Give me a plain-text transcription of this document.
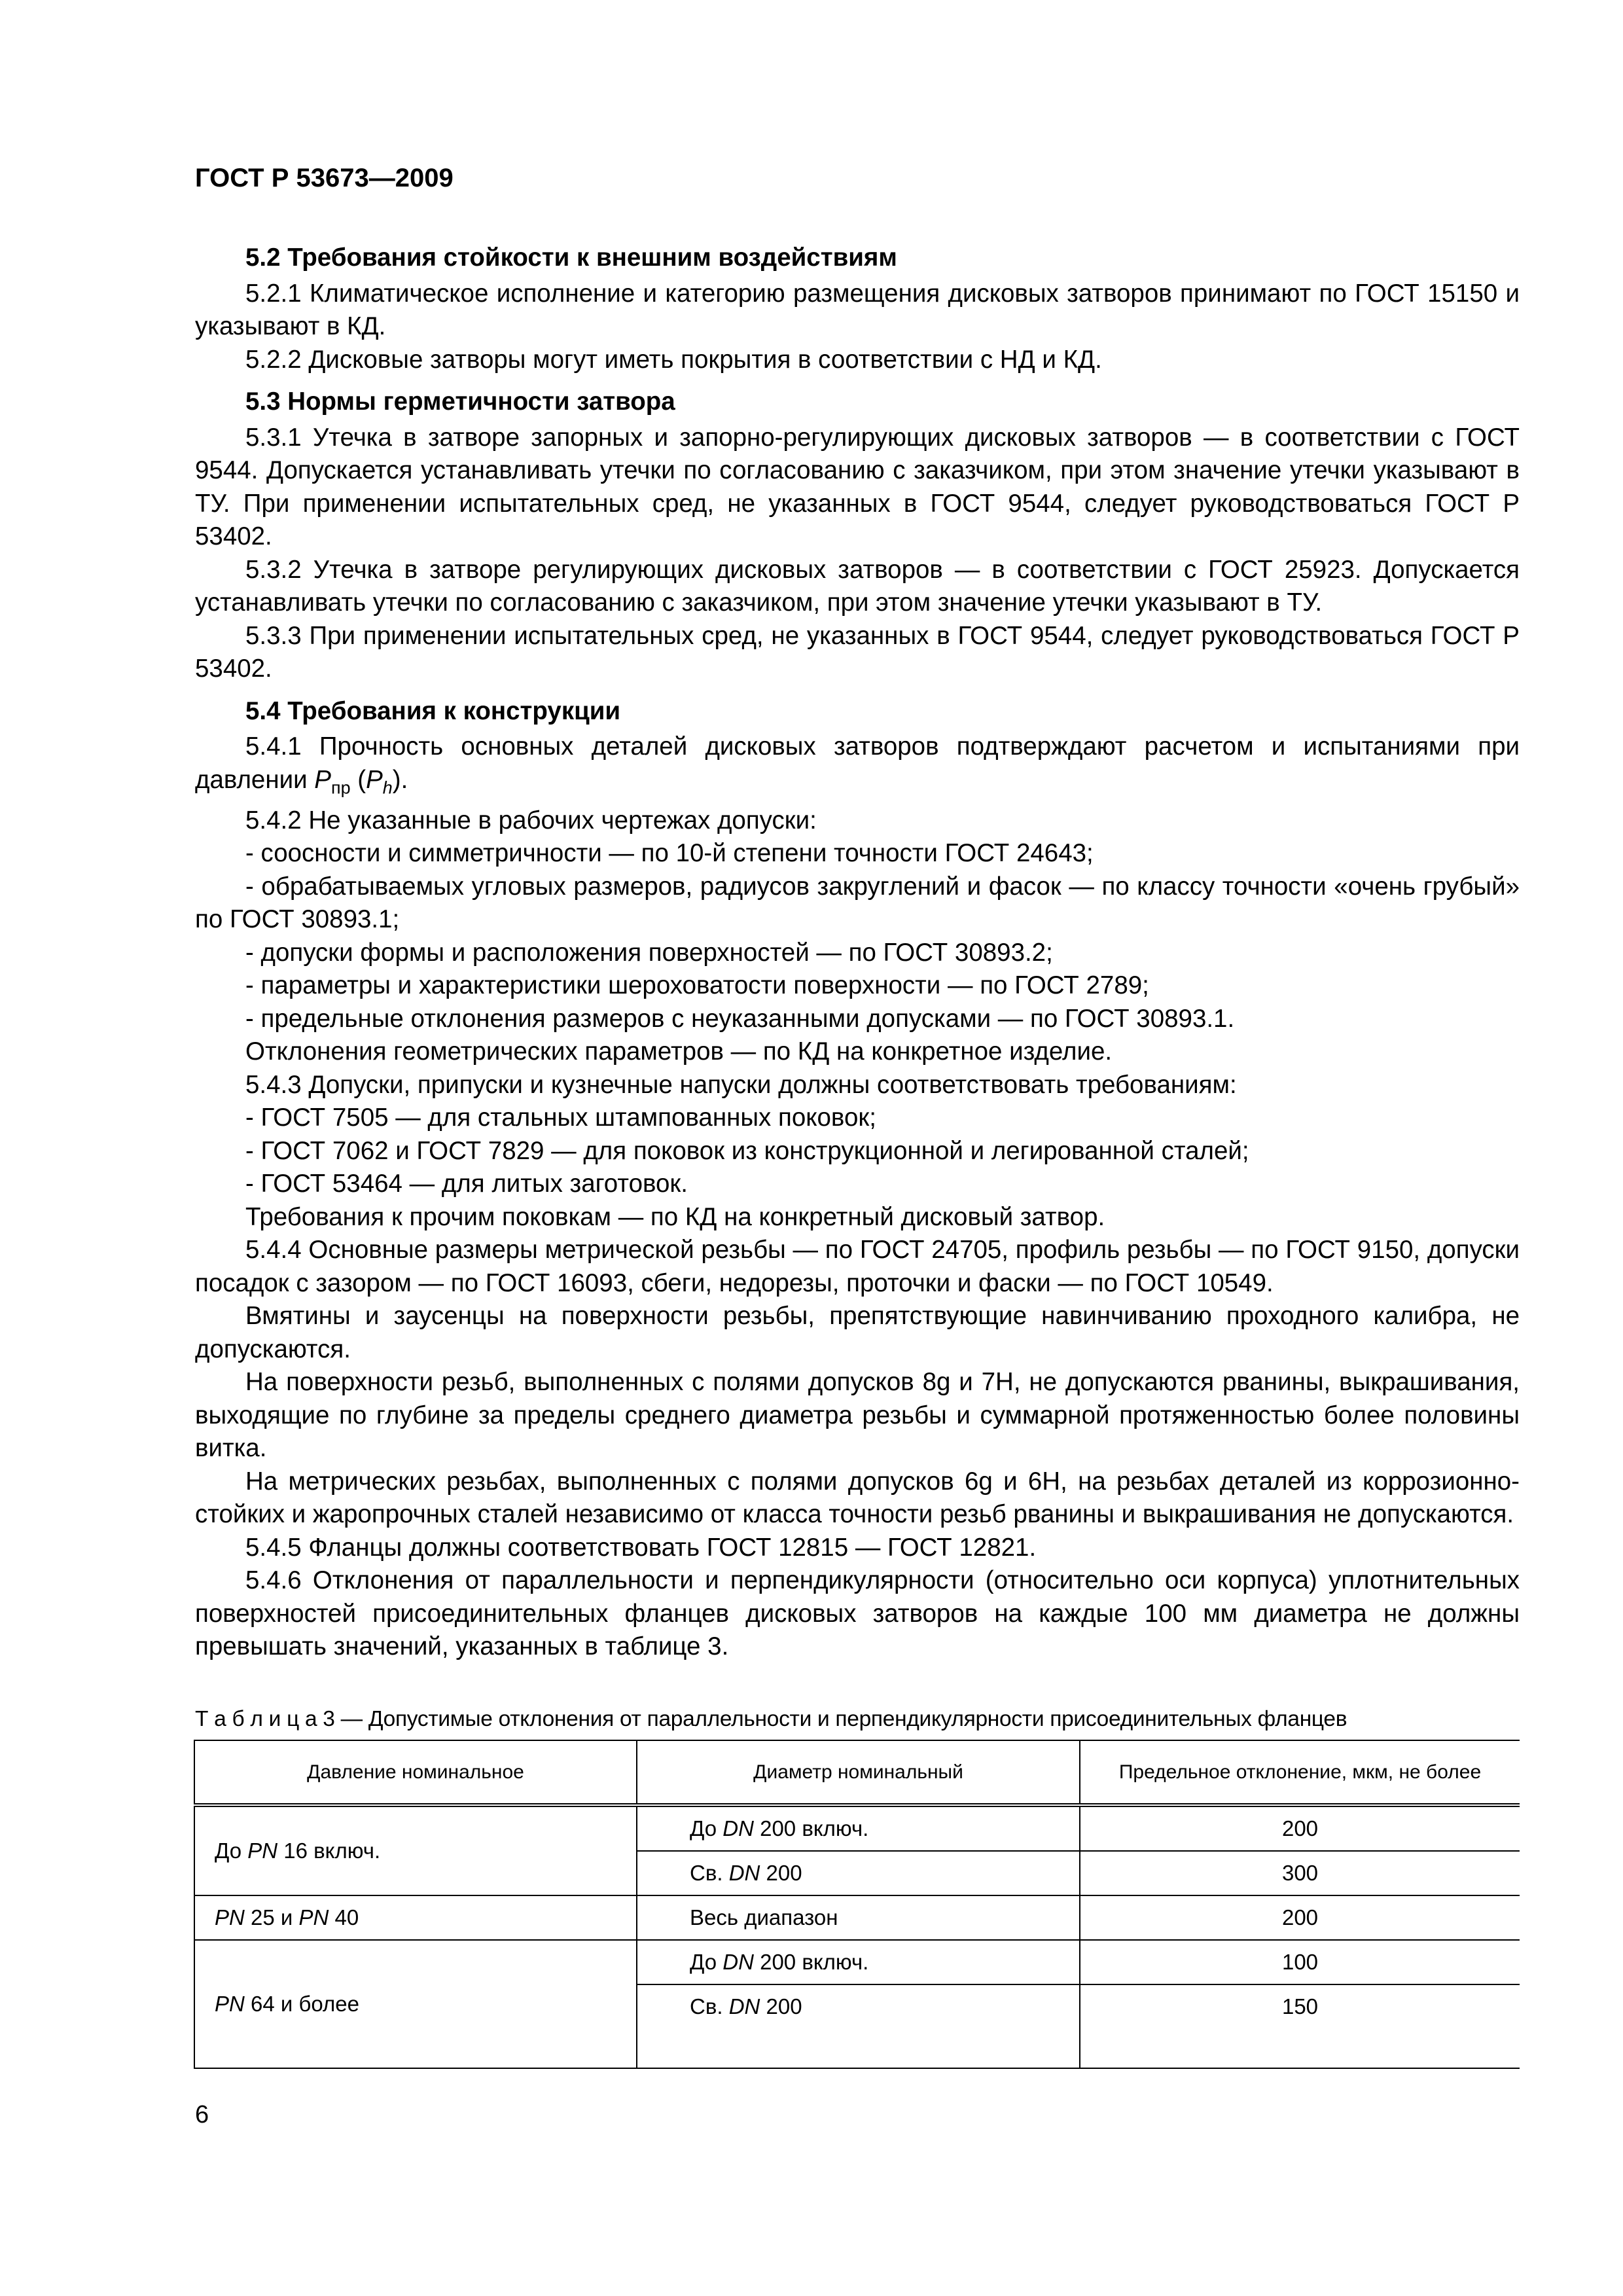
ГОСТ Р 53673—2009
5.2 Требования стойкости к внешним воздействиям

5.2.1 Климатическое исполнение и категорию размещения дисковых затворов принимают по ГОСТ 15150 и указывают в КД.

5.2.2 Дисковые затворы могут иметь покрытия в соответствии с НД и КД.

5.3 Нормы герметичности затвора

5.3.1 Утечка в затворе запорных и запорно-регулирующих дисковых затворов — в соответствии с ГОСТ 9544. Допускается устанавливать утечки по согласованию с заказчиком, при этом значение утечки указывают в ТУ. При применении испытательных сред, не указанных в ГОСТ 9544, следует руководствоваться ГОСТ Р 53402.

5.3.2 Утечка в затворе регулирующих дисковых затворов — в соответствии с ГОСТ 25923. Допускается устанавливать утечки по согласованию с заказчиком, при этом значение утечки указывают в ТУ.

5.3.3 При применении испытательных сред, не указанных в ГОСТ 9544, следует руководствоваться ГОСТ Р 53402.

5.4 Требования к конструкции

5.4.1 Прочность основных деталей дисковых затворов подтверждают расчетом и испытаниями при давлении $P_{пр}$ $(P_h)$.

5.4.2 Не указанные в рабочих чертежах допуски:

- соосности и симметричности — по 10-й степени точности ГОСТ 24643;

- обрабатываемых угловых размеров, радиусов закруглений и фасок — по классу точности «очень грубый» по ГОСТ 30893.1;

- допуски формы и расположения поверхностей — по ГОСТ 30893.2;

- параметры и характеристики шероховатости поверхности — по ГОСТ 2789;

- предельные отклонения размеров с неуказанными допусками — по ГОСТ 30893.1.

Отклонения геометрических параметров — по КД на конкретное изделие.

5.4.3 Допуски, припуски и кузнечные напуски должны соответствовать требованиям:

- ГОСТ 7505 — для стальных штампованных поковок;

- ГОСТ 7062 и ГОСТ 7829 — для поковок из конструкционной и легированной сталей;

- ГОСТ 53464 — для литых заготовок.

Требования к прочим поковкам — по КД на конкретный дисковый затвор.

5.4.4 Основные размеры метрической резьбы — по ГОСТ 24705, профиль резьбы — по ГОСТ 9150, допуски посадок с зазором — по ГОСТ 16093, сбеги, недорезы, проточки и фаски — по ГОСТ 10549.

Вмятины и заусенцы на поверхности резьбы, препятствующие навинчиванию проходного калибра, не допускаются.

На поверхности резьб, выполненных с полями допусков 8g и 7H, не допускаются рванины, выкрашивания, выходящие по глубине за пределы среднего диаметра резьбы и суммарной протяженностью более половины витка.

На метрических резьбах, выполненных с полями допусков 6g и 6H, на резьбах деталей из коррозионно-стойких и жаропрочных сталей независимо от класса точности резьб рванины и выкрашивания не допускаются.

5.4.5 Фланцы должны соответствовать ГОСТ 12815 — ГОСТ 12821.

5.4.6 Отклонения от параллельности и перпендикулярности (относительно оси корпуса) уплотнительных поверхностей присоединительных фланцев дисковых затворов на каждые 100 мм диаметра не должны превышать значений, указанных в таблице 3.

Т а б л и ц а 3 — Допустимые отклонения от параллельности и перпендикулярности присоединительных фланцев
Давление номинальное	Диаметр номинальный	Предельное отклонение, мкм, не более
До PN 16 включ.	До DN 200 включ.	200
	Св. DN 200	300
PN 25 и PN 40	Весь диапазон	200
PN 64 и более	До DN 200 включ.	100
	Св. DN 200	150
6
